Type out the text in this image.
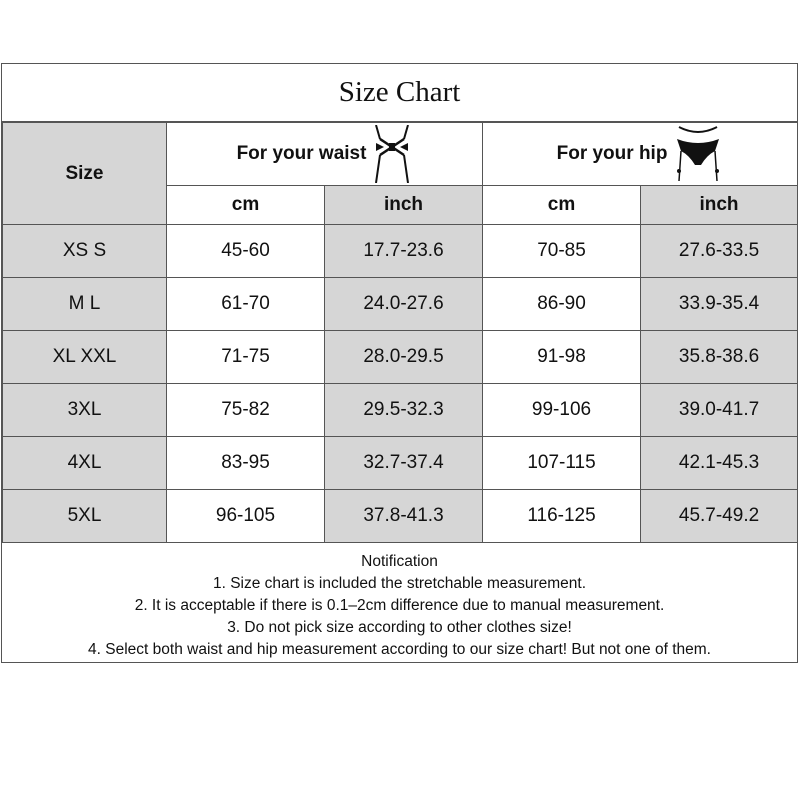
Size Chart
Size	For your waist		For your hip	

	cm	inch	cm	inch
XS S	45-60	17.7-23.6	70-85	27.6-33.5
M L	61-70	24.0-27.6	86-90	33.9-35.4
XL XXL	71-75	28.0-29.5	91-98	35.8-38.6
3XL	75-82	29.5-32.3	99-106	39.0-41.7
4XL	83-95	32.7-37.4	107-115	42.1-45.3
5XL	96-105	37.8-41.3	116-125	45.7-49.2
Notification
1. Size chart is included the stretchable measurement.
2. It is acceptable if there is 0.1–2cm difference due to manual measurement.
3. Do not pick size according to other clothes size!
4. Select both waist and hip measurement according to our size chart! But not one of them.
